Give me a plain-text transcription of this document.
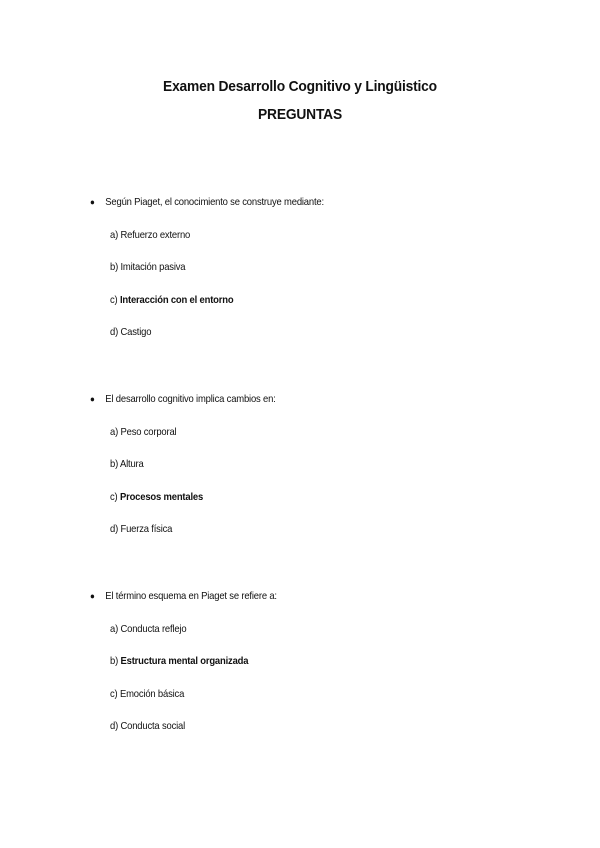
Examen Desarrollo Cognitivo y Lingüistico
PREGUNTAS
● Según Piaget, el conocimiento se construye mediante:
a) Refuerzo externo
b) Imitación pasiva
c) Interacción con el entorno
d) Castigo
● El desarrollo cognitivo implica cambios en:
a) Peso corporal
b) Altura
c) Procesos mentales
d) Fuerza física
● El término esquema en Piaget se refiere a:
a) Conducta reflejo
b) Estructura mental organizada
c) Emoción básica
d) Conducta social
